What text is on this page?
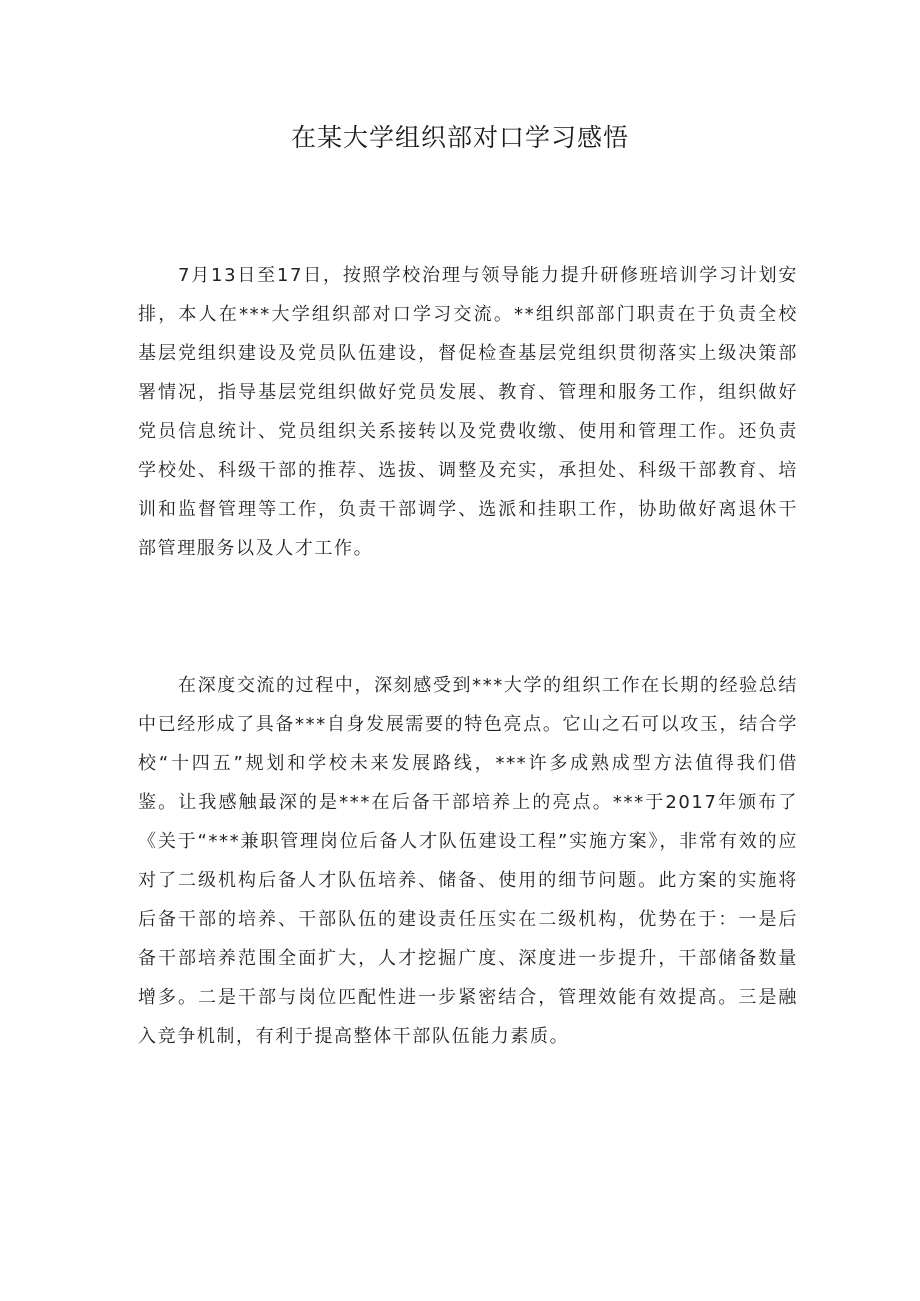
在某大学组织部对口学习感悟

7月13日至17日，按照学校治理与领导能力提升研修班培训学习计划安排，本人在***大学组织部对口学习交流。**组织部部门职责在于负责全校基层党组织建设及党员队伍建设，督促检查基层党组织贯彻落实上级决策部署情况，指导基层党组织做好党员发展、教育、管理和服务工作，组织做好党员信息统计、党员组织关系接转以及党费收缴、使用和管理工作。还负责学校处、科级干部的推荐、选拔、调整及充实，承担处、科级干部教育、培训和监督管理等工作，负责干部调学、选派和挂职工作，协助做好离退休干部管理服务以及人才工作。

在深度交流的过程中，深刻感受到***大学的组织工作在长期的经验总结中已经形成了具备***自身发展需要的特色亮点。它山之石可以攻玉，结合学校“十四五”规划和学校未来发展路线，***许多成熟成型方法值得我们借鉴。让我感触最深的是***在后备干部培养上的亮点。***于2017年颁布了《关于“***兼职管理岗位后备人才队伍建设工程”实施方案》，非常有效的应对了二级机构后备人才队伍培养、储备、使用的细节问题。此方案的实施将后备干部的培养、干部队伍的建设责任压实在二级机构，优势在于：一是后备干部培养范围全面扩大，人才挖掘广度、深度进一步提升，干部储备数量增多。二是干部与岗位匹配性进一步紧密结合，管理效能有效提高。三是融入竞争机制，有利于提高整体干部队伍能力素质。
